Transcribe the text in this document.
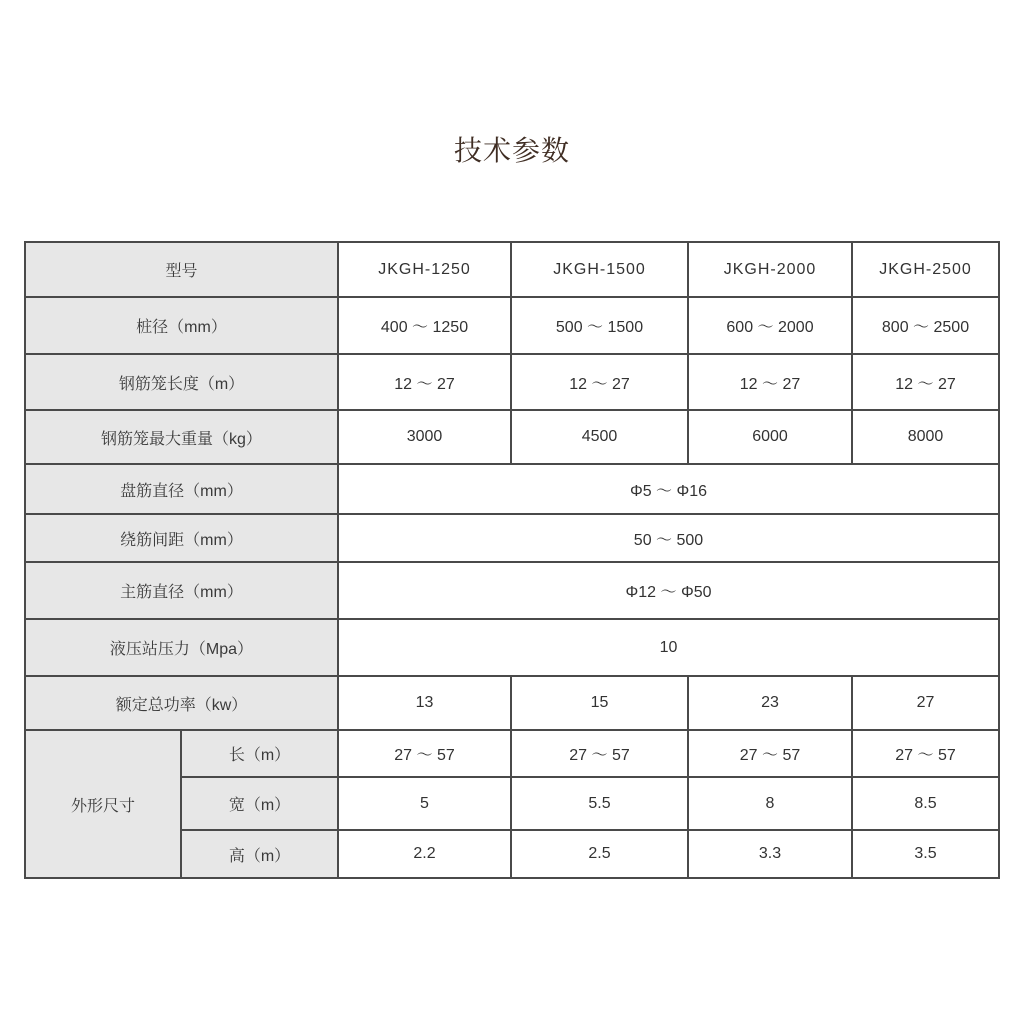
技术参数
型号		JKGH-1250	JKGH-1500	JKGH-2000	JKGH-2500
桩径（mm）		400 ～ 1250	500 ～ 1500	600 ～ 2000	800 ～ 2500
钢筋笼长度（m）		12 ～ 27	12 ～ 27	12 ～ 27	12 ～ 27
钢筋笼最大重量（kg）		3000	4500	6000	8000
盘筋直径（mm）		Φ5 ～ Φ16			
绕筋间距（mm）		50 ～ 500			
主筋直径（mm）		Φ12 ～ Φ50			
液压站压力（Mpa）		10			
额定总功率（kw）		13	15	23	27
外形尺寸	长（m）	27 ～ 57	27 ～ 57	27 ～ 57	27 ～ 57
	宽（m）	5	5.5	8	8.5
	高（m）	2.2	2.5	3.3	3.5
